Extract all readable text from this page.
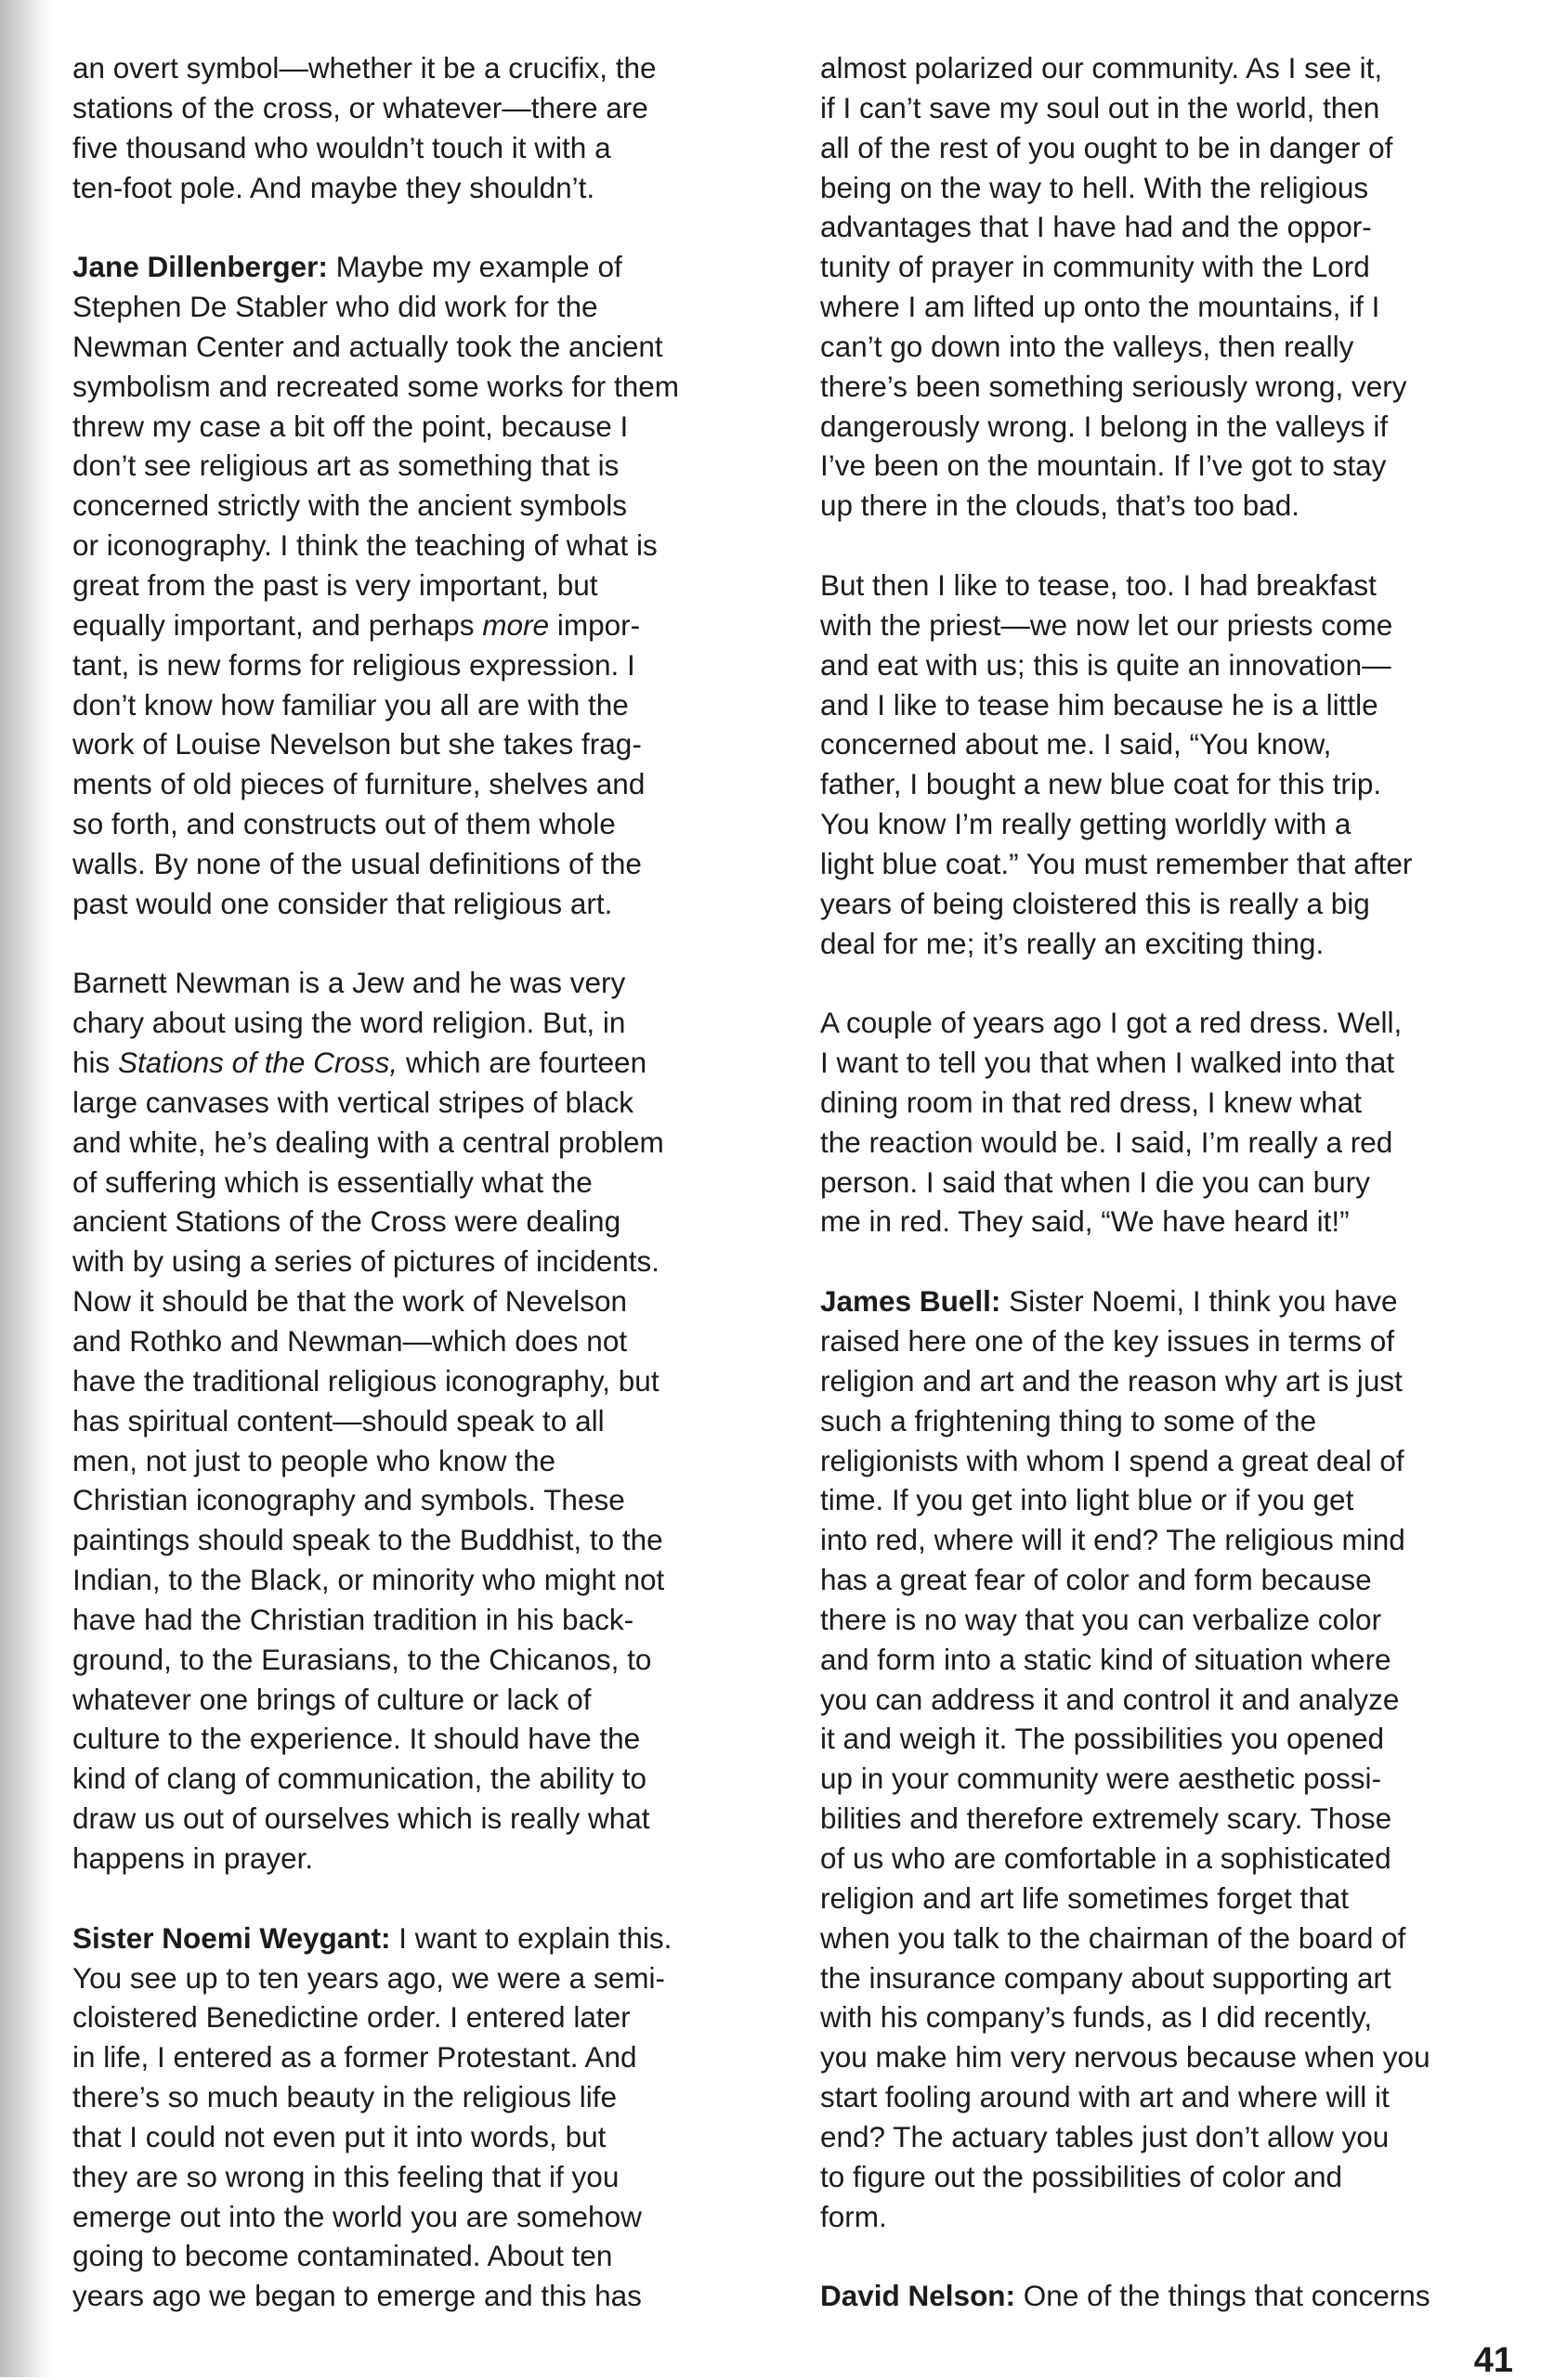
an overt symbol—whether it be a crucifix, the
stations of the cross, or whatever—there are
five thousand who wouldn’t touch it with a
ten-foot pole. And maybe they shouldn’t.

Jane Dillenberger: Maybe my example of
Stephen De Stabler who did work for the
Newman Center and actually took the ancient
symbolism and recreated some works for them
threw my case a bit off the point, because I
don’t see religious art as something that is
concerned strictly with the ancient symbols
or iconography. I think the teaching of what is
great from the past is very important, but
equally important, and perhaps more impor-
tant, is new forms for religious expression. I
don’t know how familiar you all are with the
work of Louise Nevelson but she takes frag-
ments of old pieces of furniture, shelves and
so forth, and constructs out of them whole
walls. By none of the usual definitions of the
past would one consider that religious art.

Barnett Newman is a Jew and he was very
chary about using the word religion. But, in
his Stations of the Cross, which are fourteen
large canvases with vertical stripes of black
and white, he’s dealing with a central problem
of suffering which is essentially what the
ancient Stations of the Cross were dealing
with by using a series of pictures of incidents.
Now it should be that the work of Nevelson
and Rothko and Newman—which does not
have the traditional religious iconography, but
has spiritual content—should speak to all
men, not just to people who know the
Christian iconography and symbols. These
paintings should speak to the Buddhist, to the
Indian, to the Black, or minority who might not
have had the Christian tradition in his back-
ground, to the Eurasians, to the Chicanos, to
whatever one brings of culture or lack of
culture to the experience. It should have the
kind of clang of communication, the ability to
draw us out of ourselves which is really what
happens in prayer.

Sister Noemi Weygant: I want to explain this.
You see up to ten years ago, we were a semi-
cloistered Benedictine order. I entered later
in life, I entered as a former Protestant. And
there’s so much beauty in the religious life
that I could not even put it into words, but
they are so wrong in this feeling that if you
emerge out into the world you are somehow
going to become contaminated. About ten
years ago we began to emerge and this has

almost polarized our community. As I see it,
if I can’t save my soul out in the world, then
all of the rest of you ought to be in danger of
being on the way to hell. With the religious
advantages that I have had and the oppor-
tunity of prayer in community with the Lord
where I am lifted up onto the mountains, if I
can’t go down into the valleys, then really
there’s been something seriously wrong, very
dangerously wrong. I belong in the valleys if
I’ve been on the mountain. If I’ve got to stay
up there in the clouds, that’s too bad.

But then I like to tease, too. I had breakfast
with the priest—we now let our priests come
and eat with us; this is quite an innovation—
and I like to tease him because he is a little
concerned about me. I said, “You know,
father, I bought a new blue coat for this trip.
You know I’m really getting worldly with a
light blue coat.” You must remember that after
years of being cloistered this is really a big
deal for me; it’s really an exciting thing.

A couple of years ago I got a red dress. Well,
I want to tell you that when I walked into that
dining room in that red dress, I knew what
the reaction would be. I said, I’m really a red
person. I said that when I die you can bury
me in red. They said, “We have heard it!”

James Buell: Sister Noemi, I think you have
raised here one of the key issues in terms of
religion and art and the reason why art is just
such a frightening thing to some of the
religionists with whom I spend a great deal of
time. If you get into light blue or if you get
into red, where will it end? The religious mind
has a great fear of color and form because
there is no way that you can verbalize color
and form into a static kind of situation where
you can address it and control it and analyze
it and weigh it. The possibilities you opened
up in your community were aesthetic possi-
bilities and therefore extremely scary. Those
of us who are comfortable in a sophisticated
religion and art life sometimes forget that
when you talk to the chairman of the board of
the insurance company about supporting art
with his company’s funds, as I did recently,
you make him very nervous because when you
start fooling around with art and where will it
end? The actuary tables just don’t allow you
to figure out the possibilities of color and
form.

David Nelson: One of the things that concerns

41
